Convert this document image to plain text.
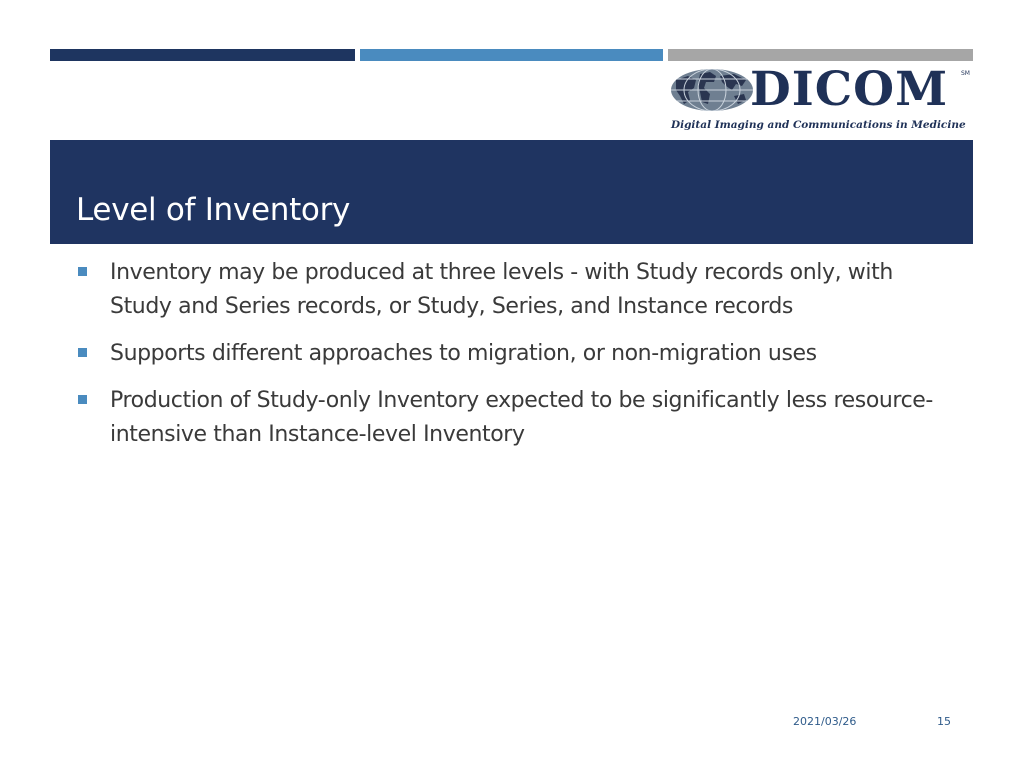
DICOM SM
Digital Imaging and Communications in Medicine
Level of Inventory
Inventory may be produced at three levels - with Study records only, with Study and Series records, or Study, Series, and Instance records
Supports different approaches to migration, or non-migration uses
Production of Study-only Inventory expected to be significantly less resource-intensive than Instance-level Inventory
2021/03/26	15
